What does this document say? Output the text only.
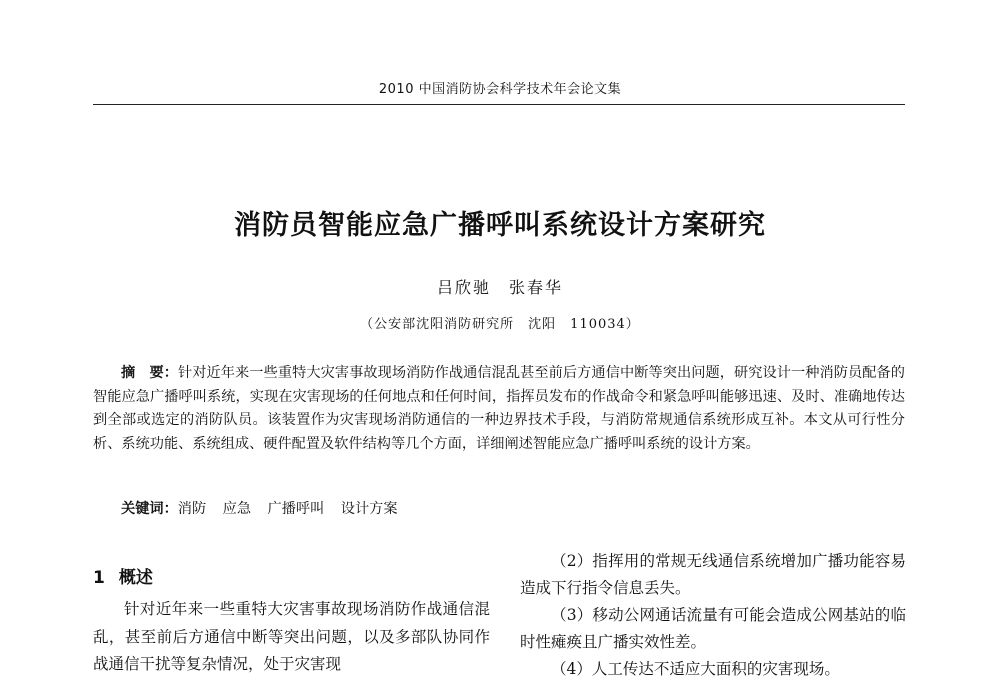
2010 中国消防协会科学技术年会论文集
消防员智能应急广播呼叫系统设计方案研究
吕欣驰　张春华
（公安部沈阳消防研究所　沈阳　110034）
摘　要：针对近年来一些重特大灾害事故现场消防作战通信混乱甚至前后方通信中断等突出问题，研究设计一种消防员配备的智能应急广播呼叫系统，实现在灾害现场的任何地点和任何时间，指挥员发布的作战命令和紧急呼叫能够迅速、及时、准确地传达到全部或选定的消防队员。该装置作为灾害现场消防通信的一种边界技术手段，与消防常规通信系统形成互补。本文从可行性分析、系统功能、系统组成、硬件配置及软件结构等几个方面，详细阐述智能应急广播呼叫系统的设计方案。
关键词：消防 应急 广播呼叫 设计方案
1 概述

针对近年来一些重特大灾害事故现场消防作战通信混乱，甚至前后方通信中断等突出问题，以及多部队协同作战通信干扰等复杂情况，处于灾害现

（2）指挥用的常规无线通信系统增加广播功能容易造成下行指令信息丢失。

（3）移动公网通话流量有可能会造成公网基站的临时性瘫痪且广播实效性差。

（4）人工传达不适应大面积的灾害现场。
